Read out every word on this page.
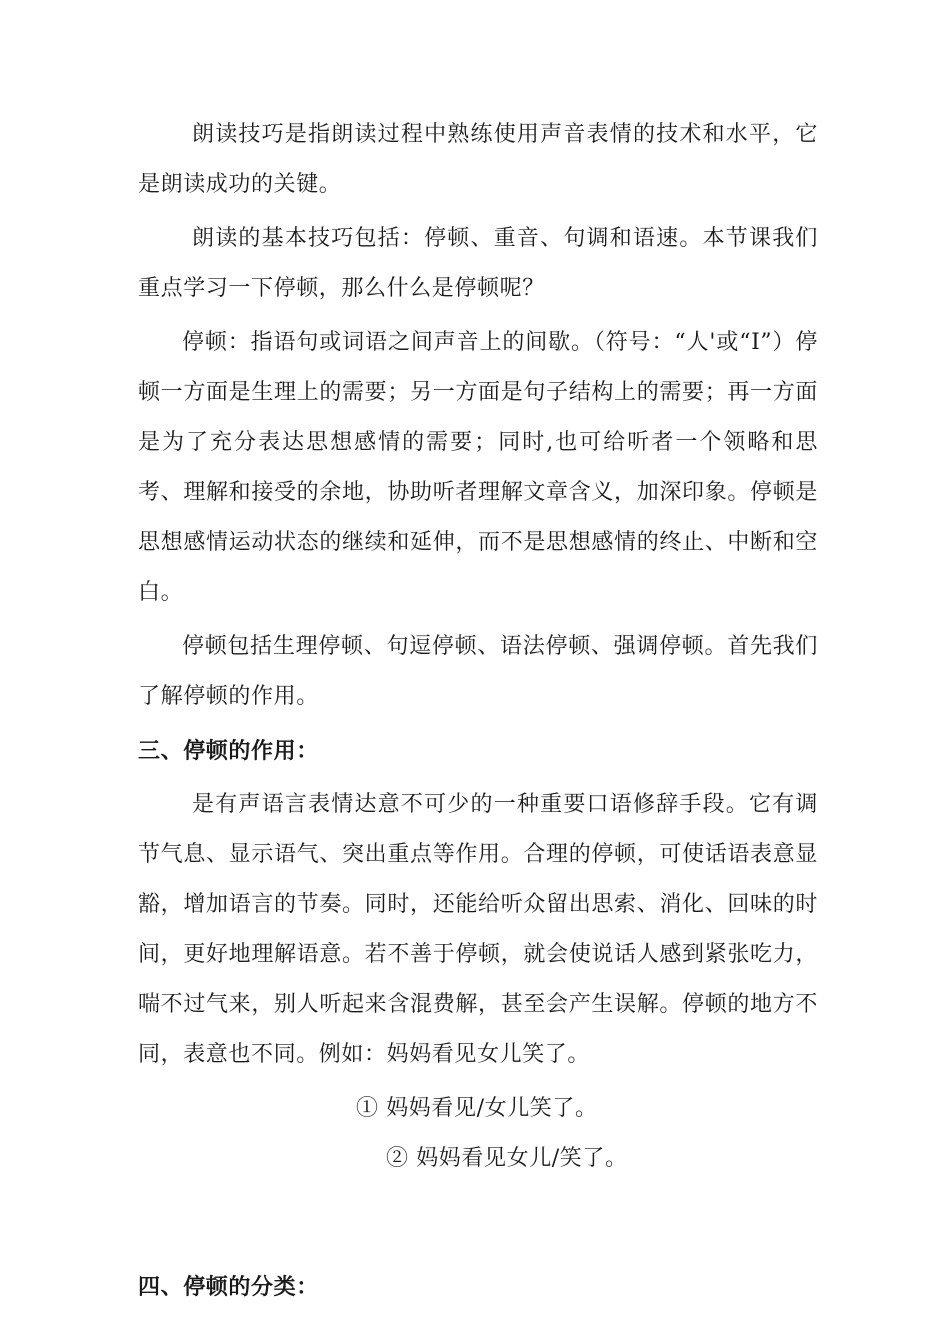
朗读技巧是指朗读过程中熟练使用声音表情的技术和水平，它是朗读成功的关键。

朗读的基本技巧包括：停顿、重音、句调和语速。本节课我们重点学习一下停顿，那么什么是停顿呢？

停顿：指语句或词语之间声音上的间歇。（符号：“人'或“I”）停顿一方面是生理上的需要；另一方面是句子结构上的需要；再一方面是为了充分表达思想感情的需要；同时,也可给听者一个领略和思考、理解和接受的余地，协助听者理解文章含义，加深印象。停顿是思想感情运动状态的继续和延伸，而不是思想感情的终止、中断和空白。

停顿包括生理停顿、句逗停顿、语法停顿、强调停顿。首先我们了解停顿的作用。

三、停顿的作用：

是有声语言表情达意不可少的一种重要口语修辞手段。它有调节气息、显示语气、突出重点等作用。合理的停顿，可使话语表意显豁，增加语言的节奏。同时，还能给听众留出思索、消化、回味的时间，更好地理解语意。若不善于停顿，就会使说话人感到紧张吃力，喘不过气来，别人听起来含混费解，甚至会产生误解。停顿的地方不同，表意也不同。例如：妈妈看见女儿笑了。

① 妈妈看见/女儿笑了。

② 妈妈看见女儿/笑了。

四、停顿的分类：
